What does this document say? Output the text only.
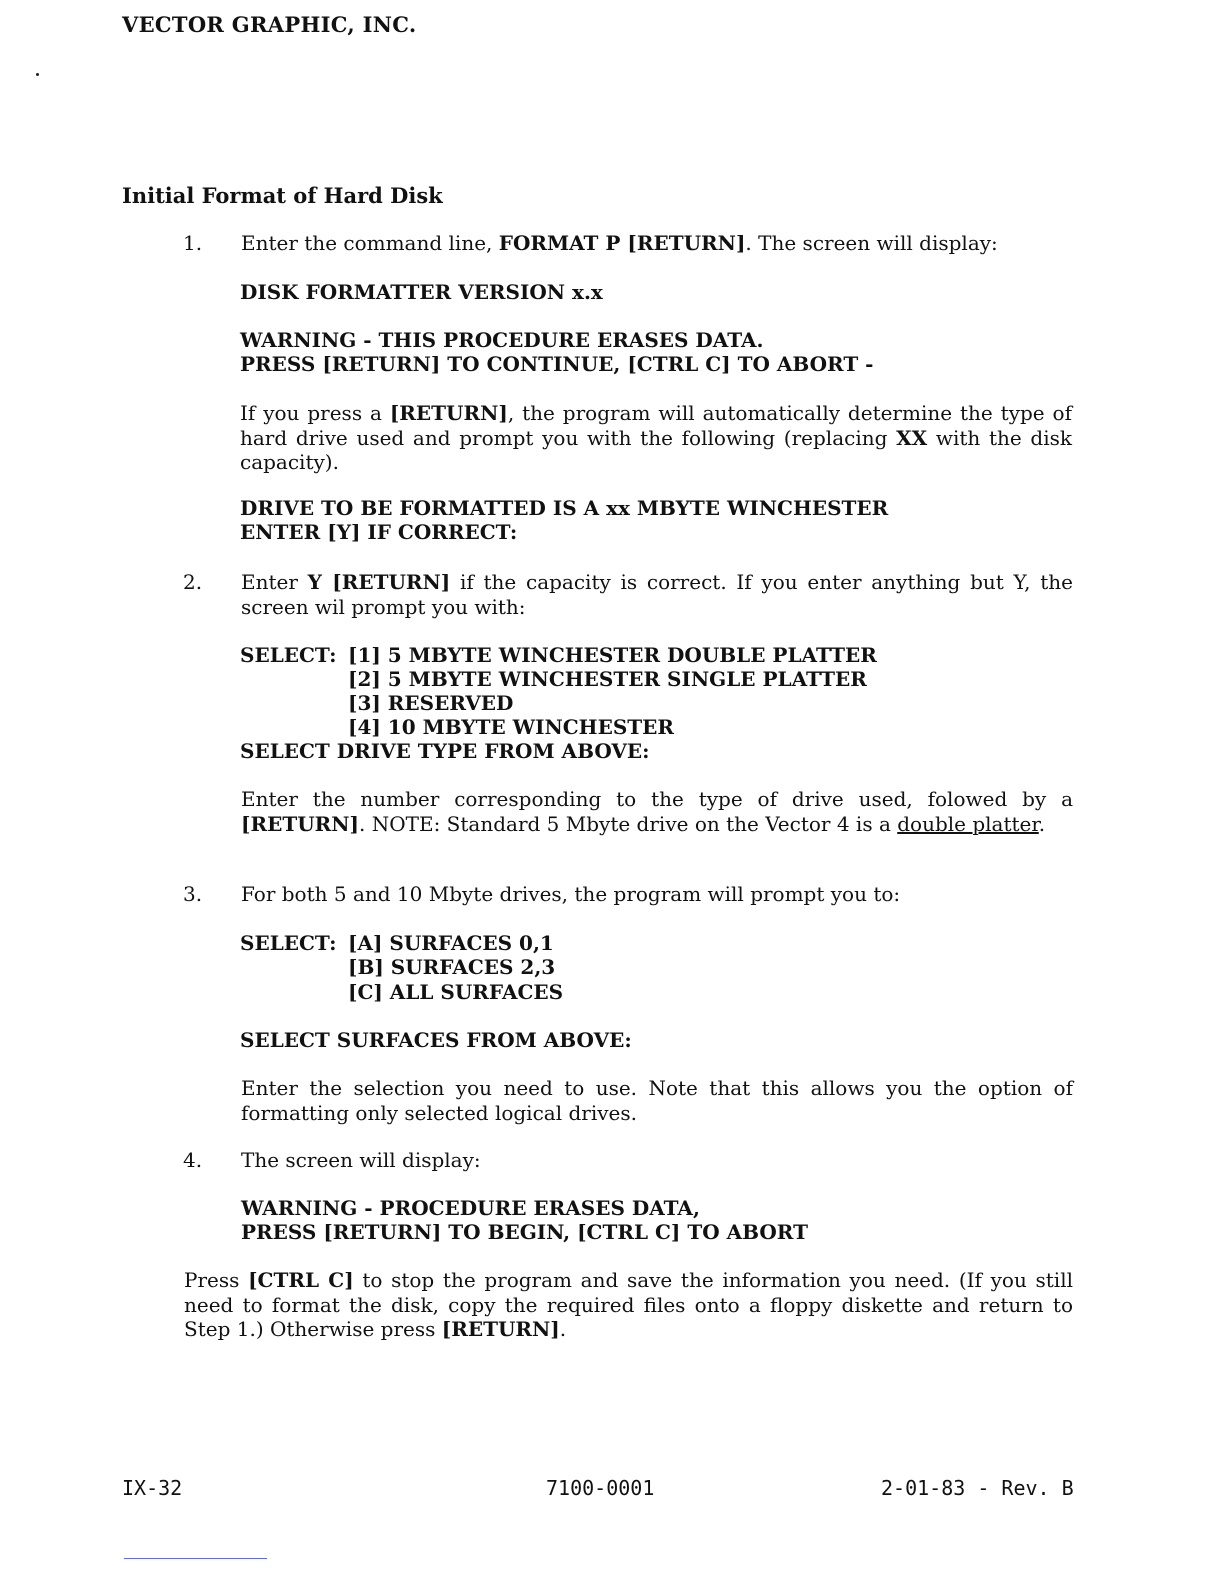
VECTOR GRAPHIC, INC.
Initial Format of Hard Disk
1. Enter the command line, FORMAT P [RETURN]. The screen will display:
DISK FORMATTER VERSION x.x
WARNING - THIS PROCEDURE ERASES DATA.
PRESS [RETURN] TO CONTINUE, [CTRL C] TO ABORT -
If you press a [RETURN], the program will automatically determine the type of hard drive used and prompt you with the following (replacing XX with the disk capacity).
DRIVE TO BE FORMATTED IS A xx MBYTE WINCHESTER
ENTER [Y] IF CORRECT:
2. Enter Y [RETURN] if the capacity is correct. If you enter anything but Y, the screen wil prompt you with:
SELECT: [1] 5 MBYTE WINCHESTER DOUBLE PLATTER
[2] 5 MBYTE WINCHESTER SINGLE PLATTER
[3] RESERVED
[4] 10 MBYTE WINCHESTER
SELECT DRIVE TYPE FROM ABOVE:
Enter the number corresponding to the type of drive used, folowed by a [RETURN]. NOTE: Standard 5 Mbyte drive on the Vector 4 is a double platter.
3. For both 5 and 10 Mbyte drives, the program will prompt you to:
SELECT: [A] SURFACES 0,1
[B] SURFACES 2,3
[C] ALL SURFACES
SELECT SURFACES FROM ABOVE:
Enter the selection you need to use. Note that this allows you the option of formatting only selected logical drives.
4. The screen will display:
WARNING - PROCEDURE ERASES DATA,
PRESS [RETURN] TO BEGIN, [CTRL C] TO ABORT
Press [CTRL C] to stop the program and save the information you need. (If you still need to format the disk, copy the required files onto a floppy diskette and return to Step 1.) Otherwise press [RETURN].
IX-32	7100-0001	2-01-83 - Rev. B
